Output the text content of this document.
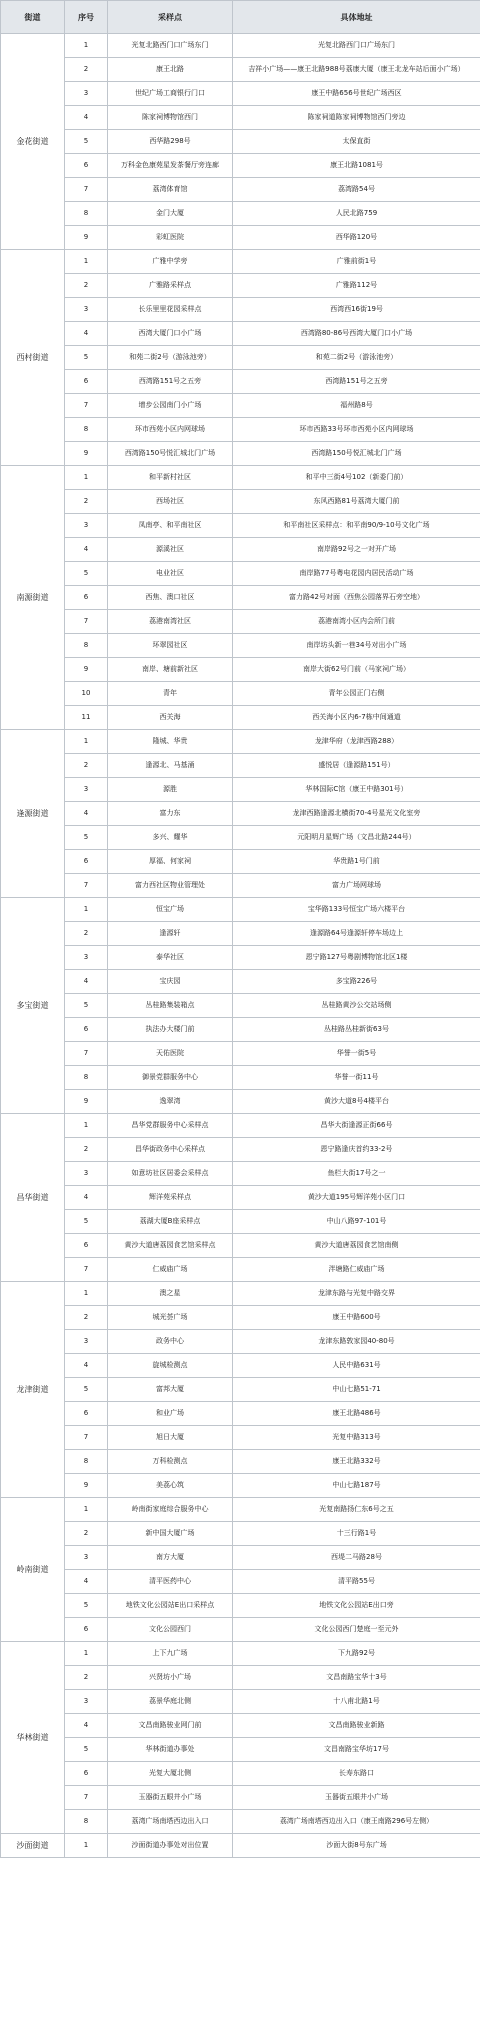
街道	序号	采样点	具体地址
金花街道	1	光复北路西门口广场东门	光复北路西门口广场东门
	2	康王北路	吉祥小广场——康王北路988号荔康大厦（康王北龙车站后面小广场）
	3	世纪广场工商银行门口	康王中路656号世纪广场西区
	4	陈家祠博物馆西门	陈家祠道陈家祠博物馆西门旁边
	5	西华路298号	太保直街
	6	万科金色康苑星发茶餐厅旁连廊	康王北路1081号
	7	荔湾体育馆	荔湾路54号
	8	金门大厦	人民北路759
	9	彩虹医院	西华路120号
西村街道	1	广雅中学旁	广雅前街1号
	2	广雅路采样点	广雅路112号
	3	长乐里里花园采样点	西湾西16街19号
	4	西湾大厦门口小广场	西湾路80-86号西湾大厦门口小广场
	5	和苑二街2号（游泳池旁）	和苑二街2号（游泳池旁）
	6	西湾路151号之五旁	西湾路151号之五旁
	7	增步公园南门小广场	福州路8号
	8	环市西苑小区内网球场	环市西路33号环市西苑小区内网球场
	9	西湾路150号悦汇城北门广场	西湾路150号悦汇城北门广场
南源街道	1	和平新村社区	和平中三街4号102（新委门前）
	2	西场社区	东风西路81号荔湾大厦门前
	3	凤南亭、和平南社区	和平南社区采样点：和平南90/9-10号文化广场
	4	源溪社区	南岸路92号之一对开广场
	5	电业社区	南岸路77号粤电花园内居民活动广场
	6	西焦、澳口社区	富力路42号对面（西焦公园落界石旁空地）
	7	荔港南湾社区	荔港南湾小区内会所门前
	8	环翠园社区	南岸坊头新一巷34号对出小广场
	9	南岸、塘前新社区	南岸大街62号门前（马家祠广场）
	10	青年	青年公园正门右侧
	11	西关海	西关海小区内6-7栋中间通道
逢源街道	1	隆城、华贵	龙津华府（龙津西路288）
	2	逢源北、马基涌	盛悦居（逢源路151号）
	3	源胜	华林国际C馆（康王中路301号）
	4	富力东	龙津西路逢源北横街70-4号星光文化室旁
	5	多兴、耀华	元阳明月星辉广场（文昌北路244号）
	6	厚福、何家祠	华贵路1号门前
	7	富力西社区物业管理处	富力广场网球场
多宝街道	1	恒宝广场	宝华路133号恒宝广场六楼平台
	2	逢源轩	逢源路64号逢源轩停车场边上
	3	泰华社区	恩宁路127号粤剧博物馆北区1楼
	4	宝庆园	多宝路226号
	5	丛桂路集装箱点	丛桂路黄沙公交站场侧
	6	执法办大楼门前	丛桂路丛桂新街63号
	7	天佑医院	华誉一街5号
	8	御景党群服务中心	华誉一街11号
	9	逸翠湾	黄沙大道8号4楼平台
昌华街道	1	昌华党群服务中心采样点	昌华大街逢源正街66号
	2	昌华街政务中心采样点	恩宁路逢庆首约33-2号
	3	如意坊社区居委会采样点	鱼栏大街17号之一
	4	辉洋苑采样点	黄沙大道195号辉洋苑小区门口
	5	荔湖大厦B座采样点	中山八路97-101号
	6	黄沙大道唐荔园食艺馆采样点	黄沙大道唐荔园食艺馆南侧
	7	仁威庙广场	泮塘路仁威庙广场
龙津街道	1	澳之星	龙津东路与光复中路交界
	2	城光荟广场	康王中路600号
	3	政务中心	龙津东路敦家园40-80号
	4	旋城检测点	人民中路631号
	5	富邦大厦	中山七路51-71
	6	和业广场	康王北路486号
	7	旭日大厦	光复中路313号
	8	万科检测点	康王北路332号
	9	美荔心筑	中山七路187号
岭南街道	1	岭南街家庭综合服务中心	光复南路扬仁东6号之五
	2	新中国大厦广场	十三行路1号
	3	南方大厦	西堤二马路28号
	4	清平医药中心	清平路55号
	5	地铁文化公园站E出口采样点	地铁文化公园站E出口旁
	6	文化公园西门	文化公园西门楚庭一至元外
华林街道	1	上下九广场	下九路92号
	2	兴贤坊小广场	文昌南路宝华十3号
	3	荔景华庭北侧	十八甫北路1号
	4	文昌南路骏业网门前	文昌南路骏业新路
	5	华林街道办事处	文昌南路宝华坊17号
	6	光复大厦北侧	长寿东路口
	7	玉器街五眼井小广场	玉器街五眼井小广场
	8	荔湾广场南塔西边出入口	荔湾广场南塔西边出入口（康王南路296号左侧）
沙面街道	1	沙面街道办事处对出位置	沙面大街8号东广场
